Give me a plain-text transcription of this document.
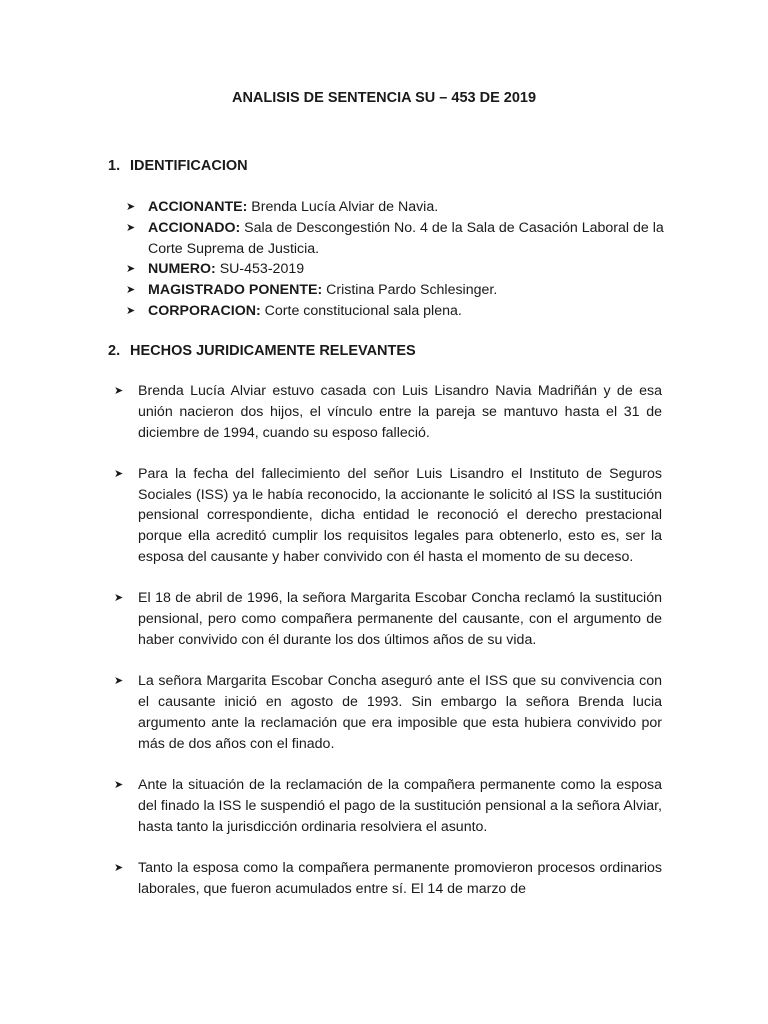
ANALISIS DE SENTENCIA SU – 453 DE 2019
1. IDENTIFICACION
➤ ACCIONANTE: Brenda Lucía Alviar de Navia.
➤ ACCIONADO: Sala de Descongestión No. 4 de la Sala de Casación Laboral de la Corte Suprema de Justicia.
➤ NUMERO: SU-453-2019
➤ MAGISTRADO PONENTE: Cristina Pardo Schlesinger.
➤ CORPORACION: Corte constitucional sala plena.
2. HECHOS JURIDICAMENTE RELEVANTES
➤ Brenda Lucía Alviar estuvo casada con Luis Lisandro Navia Madriñán y de esa unión nacieron dos hijos, el vínculo entre la pareja se mantuvo hasta el 31 de diciembre de 1994, cuando su esposo falleció.
➤ Para la fecha del fallecimiento del señor Luis Lisandro el Instituto de Seguros Sociales (ISS) ya le había reconocido, la accionante le solicitó al ISS la sustitución pensional correspondiente, dicha entidad le reconoció el derecho prestacional porque ella acreditó cumplir los requisitos legales para obtenerlo, esto es, ser la esposa del causante y haber convivido con él hasta el momento de su deceso.
➤ El 18 de abril de 1996, la señora Margarita Escobar Concha reclamó la sustitución pensional, pero como compañera permanente del causante, con el argumento de haber convivido con él durante los dos últimos años de su vida.
➤ La señora Margarita Escobar Concha aseguró ante el ISS que su convivencia con el causante inició en agosto de 1993. Sin embargo la señora Brenda lucia argumento ante la reclamación que era imposible que esta hubiera convivido por más de dos años con el finado.
➤ Ante la situación de la reclamación de la compañera permanente como la esposa del finado la ISS le suspendió el pago de la sustitución pensional a la señora Alviar, hasta tanto la jurisdicción ordinaria resolviera el asunto.
➤ Tanto la esposa como la compañera permanente promovieron procesos ordinarios laborales, que fueron acumulados entre sí. El 14 de marzo de
